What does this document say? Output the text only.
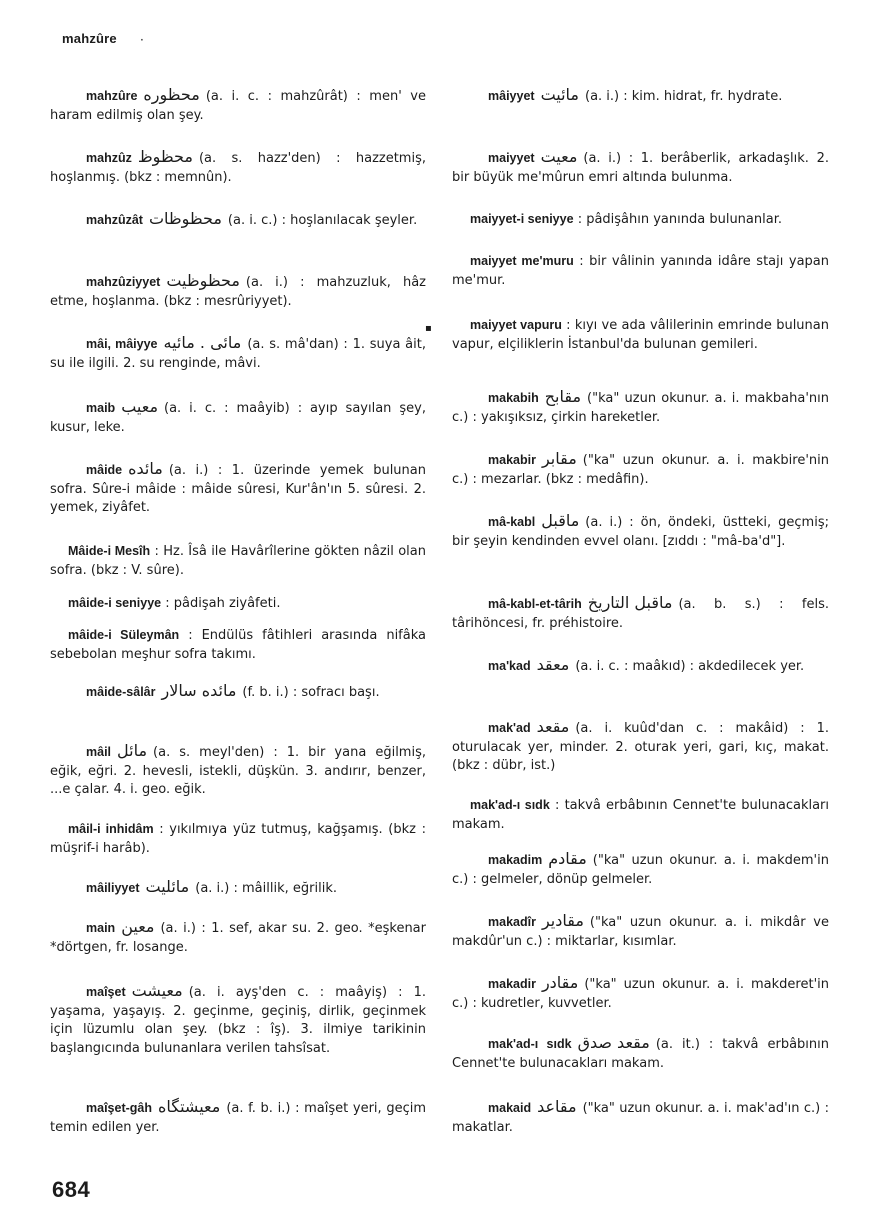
mahzûre ·
▪
mahzûre محظوره (a. i. c. : mahzûrât) : men' ve haram edilmiş olan şey.
mahzûz محظوظ (a. s. hazz'den) : hazzetmiş, hoşlanmış. (bkz : memnûn).
mahzûzât محظوظات (a. i. c.) : hoşlanılacak şeyler.
mahzûziyyet محظوظيت (a. i.) : mahzuzluk, hâz etme, hoşlanma. (bkz : mesrûriyyet).
mâi, mâiyye مائى . مائيه (a. s. mâ'dan) : 1. suya âit, su ile ilgili. 2. su renginde, mâvi.
maib معيب (a. i. c. : maâyib) : ayıp sayılan şey, kusur, leke.
mâide مائده (a. i.) : 1. üzerinde yemek bulunan sofra. Sûre-i mâide : mâide sûresi, Kur'ân'ın 5. sûresi. 2. yemek, ziyâfet.
Mâide-i Mesîh : Hz. Îsâ ile Havârîlerine gökten nâzil olan sofra. (bkz : V. sûre).
mâide-i seniyye : pâdişah ziyâfeti.
mâide-i Süleymân : Endülüs fâtihleri arasında nifâka sebebolan meşhur sofra takımı.
mâide-sâlâr مائده سالار (f. b. i.) : sofracı başı.
mâil مائل (a. s. meyl'den) : 1. bir yana eğilmiş, eğik, eğri. 2. hevesli, istekli, düşkün. 3. andırır, benzer, ...e çalar. 4. i. geo. eğik.
mâil-i inhidâm : yıkılmıya yüz tutmuş, kağşamış. (bkz : müşrif-i harâb).
mâiliyyet مائليت (a. i.) : mâillik, eğrilik.
main معين (a. i.) : 1. sef, akar su. 2. geo. *eşkenar *dörtgen, fr. losange.
maîşet معيشت (a. i. ayş'den c. : maâyiş) : 1. yaşama, yaşayış. 2. geçinme, geçiniş, dirlik, geçinmek için lüzumlu olan şey. (bkz : îş). 3. ilmiye tarikinin başlangıcında bulunanlara verilen tahsîsat.
maîşet-gâh معيشتگاه (a. f. b. i.) : maîşet yeri, geçim temin edilen yer.
mâiyyet مائيت (a. i.) : kim. hidrat, fr. hydrate.
maiyyet معيت (a. i.) : 1. berâberlik, arkadaşlık. 2. bir büyük me'mûrun emri altında bulunma.
maiyyet-i seniyye : pâdişâhın yanında bulunanlar.
maiyyet me'muru : bir vâlinin yanında idâre stajı yapan me'mur.
maiyyet vapuru : kıyı ve ada vâlilerinin emrinde bulunan vapur, elçiliklerin İstanbul'da bulunan gemileri.
makabih مقابح ("ka" uzun okunur. a. i. makbaha'nın c.) : yakışıksız, çirkin hareketler.
makabir مقابر ("ka" uzun okunur. a. i. makbire'nin c.) : mezarlar. (bkz : medâfin).
mâ-kabl ماقبل (a. i.) : ön, öndeki, üstteki, geçmiş; bir şeyin kendinden evvel olanı. [zıddı : "mâ-ba'd"].
mâ-kabl-et-târih ماقبل التاريخ (a. b. s.) : fels. târihöncesi, fr. préhistoire.
ma'kad معقد (a. i. c. : maâkıd) : akdedilecek yer.
mak'ad مقعد (a. i. kuûd'dan c. : makâid) : 1. oturulacak yer, minder. 2. oturak yeri, gari, kıç, makat. (bkz : dübr, ist.)
mak'ad-ı sıdk : takvâ erbâbının Cennet'te bulunacakları makam.
makadim مقادم ("ka" uzun okunur. a. i. makdem'in c.) : gelmeler, dönüp gelmeler.
makadîr مقادير ("ka" uzun okunur. a. i. mikdâr ve makdûr'un c.) : miktarlar, kısımlar.
makadir مقادر ("ka" uzun okunur. a. i. makderet'in c.) : kudretler, kuvvetler.
mak'ad-ı sıdk مقعد صدق (a. it.) : takvâ erbâbının Cennet'te bulunacakları makam.
makaid مقاعد ("ka" uzun okunur. a. i. mak'ad'ın c.) : makatlar.
684
